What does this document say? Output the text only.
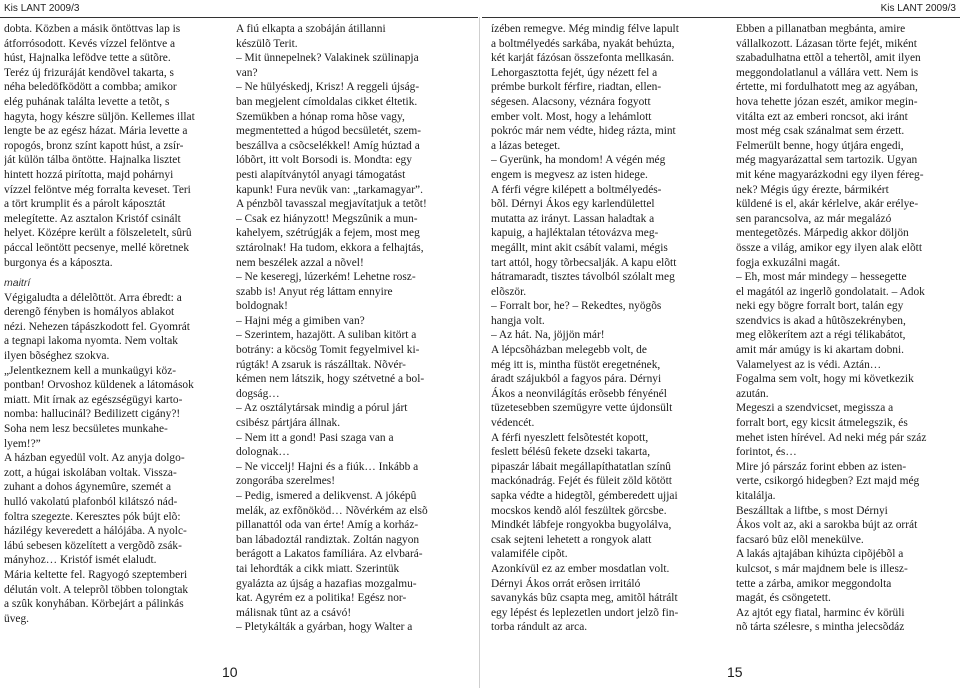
Kis LANT 2009/3	Kis LANT 2009/3
dobta. Közben a másik öntöttvas lap is
átforrósodott. Kevés vízzel felöntve a
húst, Hajnalka lefödve tette a sütõre.
Teréz új frizuráját kendõvel takarta, s
néha beledöfködött a combba; amikor
elég puhának találta levette a tetõt, s
hagyta, hogy készre süljön. Kellemes illat
lengte be az egész házat. Mária levette a
ropogós, bronz színt kapott húst, a zsír-
ját külön tálba öntötte. Hajnalka lisztet
hintett hozzá pirította, majd pohárnyi
vízzel felöntve még forralta keveset. Teri
a tört krumplit és a párolt káposztát
melegítette. Az asztalon Kristóf csinált
helyet. Középre került a fölszeletelt, sûrû
páccal leöntött pecsenye, mellé köretnek
burgonya és a káposzta.
maitrí
Végigaludta a délelõttöt. Arra ébredt: a
derengõ fényben is homályos ablakot
nézi. Nehezen tápászkodott fel. Gyomrát
a tegnapi lakoma nyomta. Nem voltak
ilyen bõséghez szokva.
„Jelentkeznem kell a munkaügyi köz-
pontban! Orvoshoz küldenek a látomások
miatt. Mit írnak az egészségügyi karto-
nomba: hallucinál? Bedilizett cigány?!
Soha nem lesz becsületes munkahe-
lyem!?”
A házban egyedül volt. Az anyja dolgo-
zott, a húgai iskolában voltak. Vissza-
zuhant a dohos ágynemûre, szemét a
hulló vakolatú plafonból kilátszó nád-
foltra szegezte. Keresztes pók bújt elõ:
házilégy keveredett a hálójába. A nyolc-
lábú sebesen közelített a vergõdõ zsák-
mányhoz… Kristóf ismét elaludt.
Mária keltette fel. Ragyogó szeptemberi
délután volt. A teleprõl többen tolongtak
a szûk konyhában. Körbejárt a pálinkás
üveg.
A fiú elkapta a szobáján átillanni
készülõ Terit.
– Mit ünnepelnek? Valakinek szülinapja
van?
– Ne hülyéskedj, Krisz! A reggeli újság-
ban megjelent címoldalas cikket éltetik.
Szemükben a hónap roma hõse vagy,
megmentetted a húgod becsületét, szem-
beszállva a csõcselékkel! Amíg húztad a
lóbõrt, itt volt Borsodi is. Mondta: egy
pesti alapítványtól anyagi támogatást
kapunk! Fura nevük van: „tarkamagyar”.
A pénzbõl tavasszal megjavítatjuk a tetõt!
– Csak ez hiányzott! Megszûnik a mun-
kahelyem, szétrúgják a fejem, most meg
sztárolnak! Ha tudom, ekkora a felhajtás,
nem beszélek azzal a nõvel!
– Ne keseregj, lúzerkém! Lehetne rosz-
szabb is! Anyut rég láttam ennyire
boldognak!
– Hajni még a gimiben van?
– Szerintem, hazajött. A suliban kitört a
botrány: a köcsög Tomit fegyelmivel ki-
rúgták! A zsaruk is rászálltak. Nõvér-
kémen nem látszik, hogy szétvetné a bol-
dogság…
– Az osztálytársak mindig a pórul járt
csibész pártjára állnak.
– Nem itt a gond! Pasi szaga van a
dolognak…
– Ne viccelj! Hajni és a fiúk… Inkább a
zongorába szerelmes!
– Pedig, ismered a delikvenst. A jóképû
melák, az exfõnököd… Nõvérkém az elsõ
pillanattól oda van érte! Amíg a korház-
ban lábadoztál randiztak. Zoltán nagyon
berágott a Lakatos famíliára. Az elvbará-
tai lehordták a cikk miatt. Szerintük
gyalázta az újság a hazafias mozgalmu-
kat. Agyrém ez a politika! Egész nor-
málisnak tûnt az a csávó!
– Pletykálták a gyárban, hogy Walter a
ízében remegve. Még mindig félve lapult
a boltmélyedés sarkába, nyakát behúzta,
két karját fázósan összefonta mellkasán.
Lehorgasztotta fejét, úgy nézett fel a
prémbe burkolt férfire, riadtan, ellen-
ségesen. Alacsony, véznára fogyott
ember volt. Most, hogy a lehámlott
pokróc már nem védte, hideg rázta, mint
a lázas beteget.
– Gyerünk, ha mondom! A végén még
engem is megvesz az isten hidege.
A férfi végre kilépett a boltmélyedés-
bõl. Dérnyi Ákos egy karlendülettel
mutatta az irányt. Lassan haladtak a
kapuig, a hajléktalan tétovázva meg-
megállt, mint akit csábít valami, mégis
tart attól, hogy tõrbecsalják. A kapu elõtt
hátramaradt, tisztes távolból szólalt meg
elõször.
– Forralt bor, he? – Rekedtes, nyögõs
hangja volt.
– Az hát. Na, jöjjön már!
A lépcsõházban melegebb volt, de
még itt is, mintha füstöt eregetnének,
áradt szájukból a fagyos pára. Dérnyi
Ákos a neonvilágítás erõsebb fényénél
tüzetesebben szemügyre vette újdonsült
védencét.
A férfi nyeszlett felsõtestét kopott,
feslett bélésû fekete dzseki takarta,
pipaszár lábait megállapíthatatlan színû
mackónadrág. Fejét és füleit zöld kötött
sapka védte a hidegtõl, gémberedett ujjai
mocskos kendõ alól feszültek görcsbe.
Mindkét lábfeje rongyokba bugyolálva,
csak sejteni lehetett a rongyok alatt
valamiféle cipõt.
Azonkívül ez az ember mosdatlan volt.
Dérnyi Ákos orrát erõsen irritáló
savanykás bûz csapta meg, amitõl hátrált
egy lépést és leplezetlen undort jelzõ fin-
torba rándult az arca.
Ebben a pillanatban megbánta, amire
vállalkozott. Lázasan törte fejét, miként
szabadulhatna ettõl a tehertõl, amit ilyen
meggondolatlanul a vállára vett. Nem is
értette, mi fordulhatott meg az agyában,
hova tehette józan eszét, amikor megin-
vitálta ezt az emberi roncsot, aki iránt
most még csak szánalmat sem érzett.
Felmerült benne, hogy útjára engedi,
még magyarázattal sem tartozik. Ugyan
mit kéne magyarázkodni egy ilyen féreg-
nek? Mégis úgy érezte, bármikért
küldené is el, akár kérlelve, akár erélye-
sen parancsolva, az már megalázó
mentegetõzés. Márpedig akkor döljön
össze a világ, amikor egy ilyen alak elõtt
fogja exkuzálni magát.
– Eh, most már mindegy – hessegette
el magától az ingerlõ gondolatait. – Adok
neki egy bögre forralt bort, talán egy
szendvics is akad a hûtõszekrényben,
meg elõkerítem azt a régi télikabátot,
amit már amúgy is ki akartam dobni.
Valamelyest az is védi. Aztán…
Fogalma sem volt, hogy mi következik
azután.
Megeszi a szendvicset, megissza a
forralt bort, egy kicsit átmelegszik, és
mehet isten hírével. Ad neki még pár száz
forintot, és…
Mire jó párszáz forint ebben az isten-
verte, csikorgó hidegben? Ezt majd még
kitalálja.
Beszálltak a liftbe, s most Dérnyi
Ákos volt az, aki a sarokba bújt az orrát
facsaró bûz elõl menekülve.
A lakás ajtajában kihúzta cipõjébõl a
kulcsot, s már majdnem bele is illesz-
tette a zárba, amikor meggondolta
magát, és csöngetett.
Az ajtót egy fiatal, harminc év körüli
nõ tárta szélesre, s mintha jelecsõdáz
10	15
